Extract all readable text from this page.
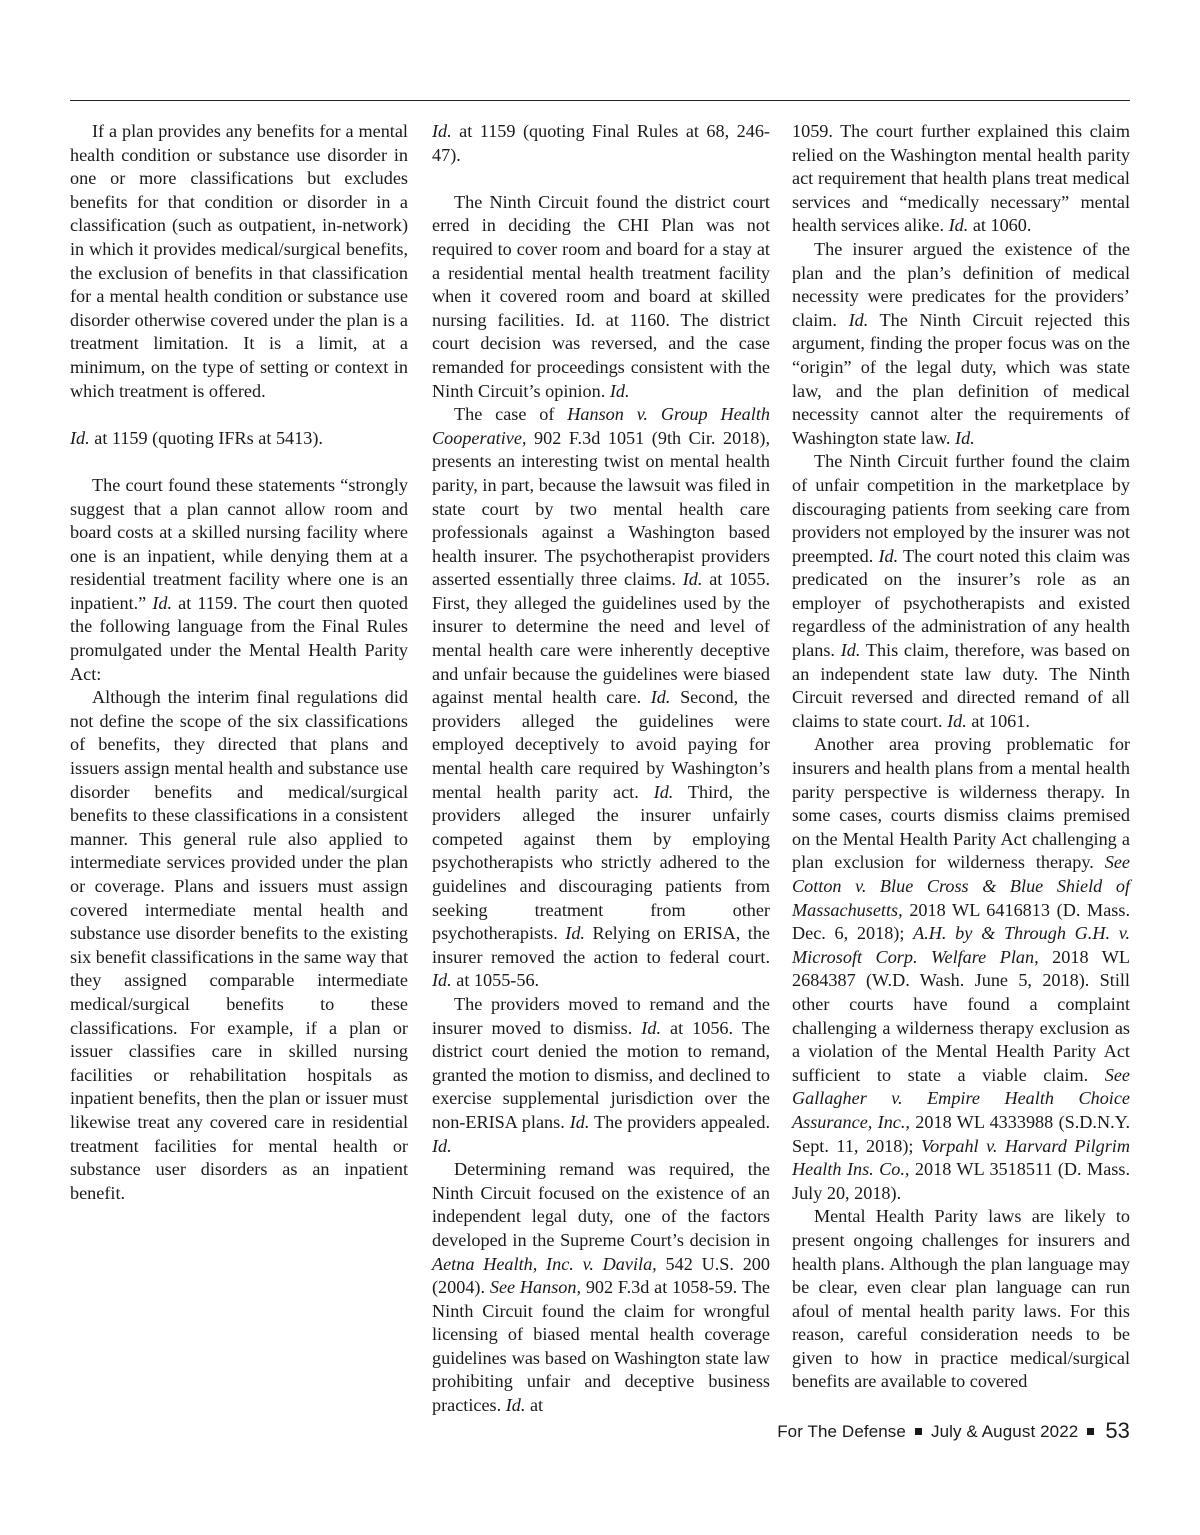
If a plan provides any benefits for a mental health condition or substance use disorder in one or more classifications but excludes benefits for that condition or disorder in a classification (such as outpatient, in-network) in which it provides medical/surgical benefits, the exclusion of benefits in that classification for a mental health condition or substance use disorder otherwise covered under the plan is a treatment limitation. It is a limit, at a minimum, on the type of setting or context in which treatment is offered.

Id. at 1159 (quoting IFRs at 5413).

The court found these statements “strongly suggest that a plan cannot allow room and board costs at a skilled nursing facility where one is an inpatient, while denying them at a residential treatment facility where one is an inpatient.” Id. at 1159. The court then quoted the following language from the Final Rules promulgated under the Mental Health Parity Act:

Although the interim final regulations did not define the scope of the six classifications of benefits, they directed that plans and issuers assign mental health and substance use disorder benefits and medical/surgical benefits to these classifications in a consistent manner. This general rule also applied to intermediate services provided under the plan or coverage. Plans and issuers must assign covered intermediate mental health and substance use disorder benefits to the existing six benefit classifications in the same way that they assigned comparable intermediate medical/surgical benefits to these classifications. For example, if a plan or issuer classifies care in skilled nursing facilities or rehabilitation hospitals as inpatient benefits, then the plan or issuer must likewise treat any covered care in residential treatment facilities for mental health or substance user disorders as an inpatient benefit.

Id. at 1159 (quoting Final Rules at 68, 246-47).

The Ninth Circuit found the district court erred in deciding the CHI Plan was not required to cover room and board for a stay at a residential mental health treatment facility when it covered room and board at skilled nursing facilities. Id. at 1160. The district court decision was reversed, and the case remanded for proceedings consistent with the Ninth Circuit’s opinion. Id.

The case of Hanson v. Group Health Cooperative, 902 F.3d 1051 (9th Cir. 2018), presents an interesting twist on mental health parity, in part, because the lawsuit was filed in state court by two mental health care professionals against a Washington based health insurer. The psychotherapist providers asserted essentially three claims. Id. at 1055. First, they alleged the guidelines used by the insurer to determine the need and level of mental health care were inherently deceptive and unfair because the guidelines were biased against mental health care. Id. Second, the providers alleged the guidelines were employed deceptively to avoid paying for mental health care required by Washington’s mental health parity act. Id. Third, the providers alleged the insurer unfairly competed against them by employing psychotherapists who strictly adhered to the guidelines and discouraging patients from seeking treatment from other psychotherapists. Id. Relying on ERISA, the insurer removed the action to federal court. Id. at 1055-56.

The providers moved to remand and the insurer moved to dismiss. Id. at 1056. The district court denied the motion to remand, granted the motion to dismiss, and declined to exercise supplemental jurisdiction over the non-ERISA plans. Id. The providers appealed. Id.

Determining remand was required, the Ninth Circuit focused on the existence of an independent legal duty, one of the factors developed in the Supreme Court’s decision in Aetna Health, Inc. v. Davila, 542 U.S. 200 (2004). See Hanson, 902 F.3d at 1058-59. The Ninth Circuit found the claim for wrongful licensing of biased mental health coverage guidelines was based on Washington state law prohibiting unfair and deceptive business practices. Id. at

1059. The court further explained this claim relied on the Washington mental health parity act requirement that health plans treat medical services and “medically necessary” mental health services alike. Id. at 1060.

The insurer argued the existence of the plan and the plan’s definition of medical necessity were predicates for the providers’ claim. Id. The Ninth Circuit rejected this argument, finding the proper focus was on the “origin” of the legal duty, which was state law, and the plan definition of medical necessity cannot alter the requirements of Washington state law. Id.

The Ninth Circuit further found the claim of unfair competition in the marketplace by discouraging patients from seeking care from providers not employed by the insurer was not preempted. Id. The court noted this claim was predicated on the insurer’s role as an employer of psychotherapists and existed regardless of the administration of any health plans. Id. This claim, therefore, was based on an independent state law duty. The Ninth Circuit reversed and directed remand of all claims to state court. Id. at 1061.

Another area proving problematic for insurers and health plans from a mental health parity perspective is wilderness therapy. In some cases, courts dismiss claims premised on the Mental Health Parity Act challenging a plan exclusion for wilderness therapy. See Cotton v. Blue Cross & Blue Shield of Massachusetts, 2018 WL 6416813 (D. Mass. Dec. 6, 2018); A.H. by & Through G.H. v. Microsoft Corp. Welfare Plan, 2018 WL 2684387 (W.D. Wash. June 5, 2018). Still other courts have found a complaint challenging a wilderness therapy exclusion as a violation of the Mental Health Parity Act sufficient to state a viable claim. See Gallagher v. Empire Health Choice Assurance, Inc., 2018 WL 4333988 (S.D.N.Y. Sept. 11, 2018); Vorpahl v. Harvard Pilgrim Health Ins. Co., 2018 WL 3518511 (D. Mass. July 20, 2018).

Mental Health Parity laws are likely to present ongoing challenges for insurers and health plans. Although the plan language may be clear, even clear plan language can run afoul of mental health parity laws. For this reason, careful consideration needs to be given to how in practice medical/surgical benefits are available to covered

For The Defense July & August 2022 53
